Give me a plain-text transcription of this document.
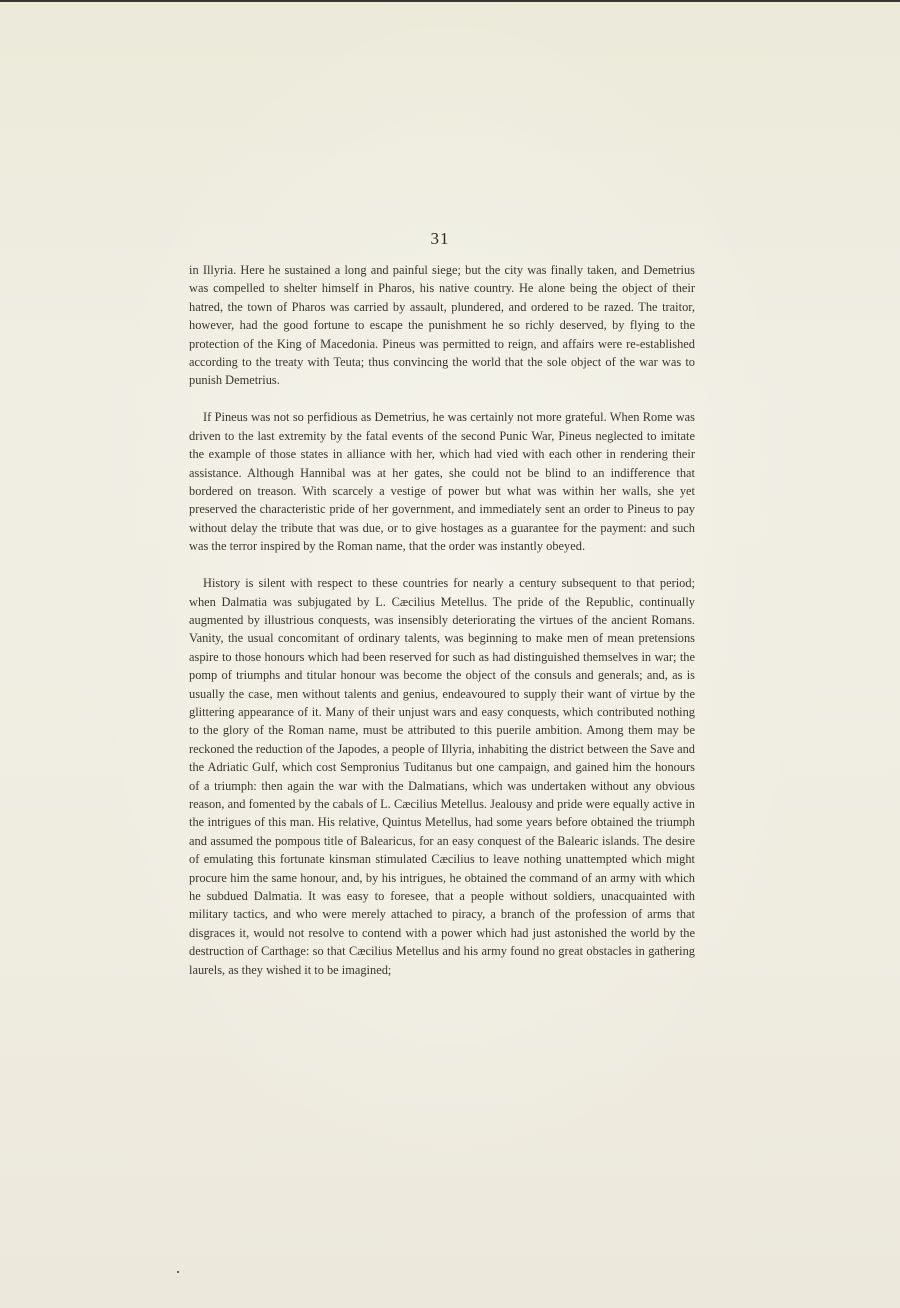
31

in Illyria. Here he sustained a long and painful siege; but the city was finally taken, and Demetrius was compelled to shelter himself in Pharos, his native country. He alone being the object of their hatred, the town of Pharos was carried by assault, plundered, and ordered to be razed. The traitor, however, had the good fortune to escape the punishment he so richly deserved, by flying to the protection of the King of Macedonia. Pineus was permitted to reign, and affairs were re-established according to the treaty with Teuta; thus convincing the world that the sole object of the war was to punish Demetrius.

If Pineus was not so perfidious as Demetrius, he was certainly not more grateful. When Rome was driven to the last extremity by the fatal events of the second Punic War, Pineus neglected to imitate the example of those states in alliance with her, which had vied with each other in rendering their assistance. Although Hannibal was at her gates, she could not be blind to an indifference that bordered on treason. With scarcely a vestige of power but what was within her walls, she yet preserved the characteristic pride of her government, and immediately sent an order to Pineus to pay without delay the tribute that was due, or to give hostages as a guarantee for the payment: and such was the terror inspired by the Roman name, that the order was instantly obeyed.

History is silent with respect to these countries for nearly a century subsequent to that period; when Dalmatia was subjugated by L. Cæcilius Metellus. The pride of the Republic, continually augmented by illustrious conquests, was insensibly deteriorating the virtues of the ancient Romans. Vanity, the usual concomitant of ordinary talents, was beginning to make men of mean pretensions aspire to those honours which had been reserved for such as had distinguished themselves in war; the pomp of triumphs and titular honour was become the object of the consuls and generals; and, as is usually the case, men without talents and genius, endeavoured to supply their want of virtue by the glittering appearance of it. Many of their unjust wars and easy conquests, which contributed nothing to the glory of the Roman name, must be attributed to this puerile ambition. Among them may be reckoned the reduction of the Japodes, a people of Illyria, inhabiting the district between the Save and the Adriatic Gulf, which cost Sempronius Tuditanus but one campaign, and gained him the honours of a triumph: then again the war with the Dalmatians, which was undertaken without any obvious reason, and fomented by the cabals of L. Cæcilius Metellus. Jealousy and pride were equally active in the intrigues of this man. His relative, Quintus Metellus, had some years before obtained the triumph and assumed the pompous title of Balearicus, for an easy conquest of the Balearic islands. The desire of emulating this fortunate kinsman stimulated Cæcilius to leave nothing unattempted which might procure him the same honour, and, by his intrigues, he obtained the command of an army with which he subdued Dalmatia. It was easy to foresee, that a people without soldiers, unacquainted with military tactics, and who were merely attached to piracy, a branch of the profession of arms that disgraces it, would not resolve to contend with a power which had just astonished the world by the destruction of Carthage: so that Cæcilius Metellus and his army found no great obstacles in gathering laurels, as they wished it to be imagined;
